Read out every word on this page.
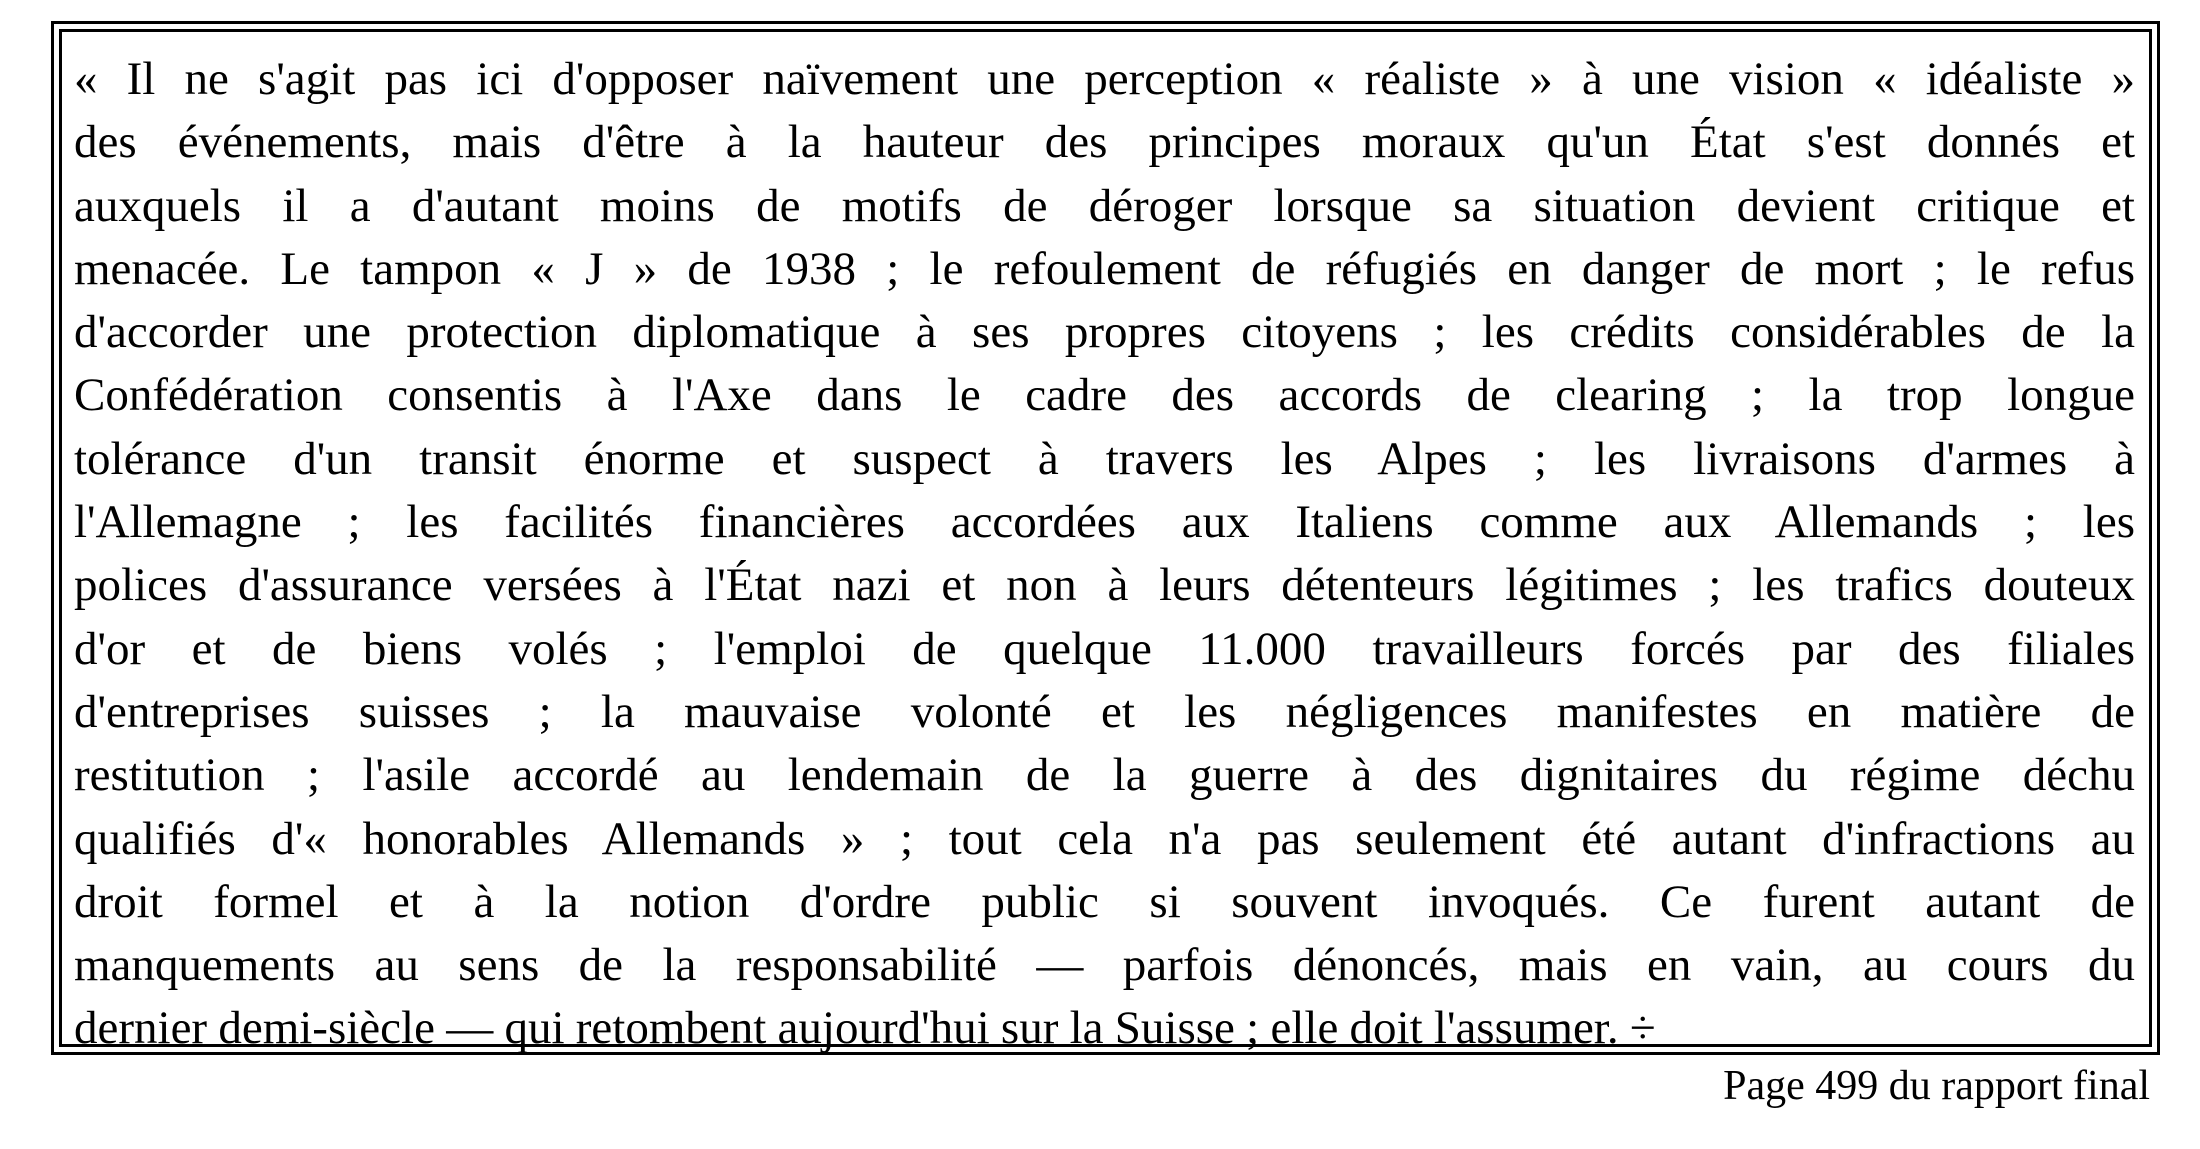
« Il ne s'agit pas ici d'opposer naïvement une perception « réaliste » à une vision « idéaliste »
des événements, mais d'être à la hauteur des principes moraux qu'un État s'est donnés et
auxquels il a d'autant moins de motifs de déroger lorsque sa situation devient critique et
menacée. Le tampon « J » de 1938 ; le refoulement de réfugiés en danger de mort ; le refus
d'accorder une protection diplomatique à ses propres citoyens ; les crédits considérables de la
Confédération consentis à l'Axe dans le cadre des accords de clearing ; la trop longue
tolérance d'un transit énorme et suspect à travers les Alpes ; les livraisons d'armes à
l'Allemagne ; les facilités financières accordées aux Italiens comme aux Allemands ; les
polices d'assurance versées à l'État nazi et non à leurs détenteurs légitimes ; les trafics douteux
d'or et de biens volés ; l'emploi de quelque 11.000 travailleurs forcés par des filiales
d'entreprises suisses ; la mauvaise volonté et les négligences manifestes en matière de
restitution ; l'asile accordé au lendemain de la guerre à des dignitaires du régime déchu
qualifiés d'« honorables Allemands » ; tout cela n'a pas seulement été autant d'infractions au
droit formel et à la notion d'ordre public si souvent invoqués. Ce furent autant de
manquements au sens de la responsabilité — parfois dénoncés, mais en vain, au cours du
dernier demi-siècle — qui retombent aujourd'hui sur la Suisse ; elle doit l'assumer. ÷

Page 499 du rapport final
